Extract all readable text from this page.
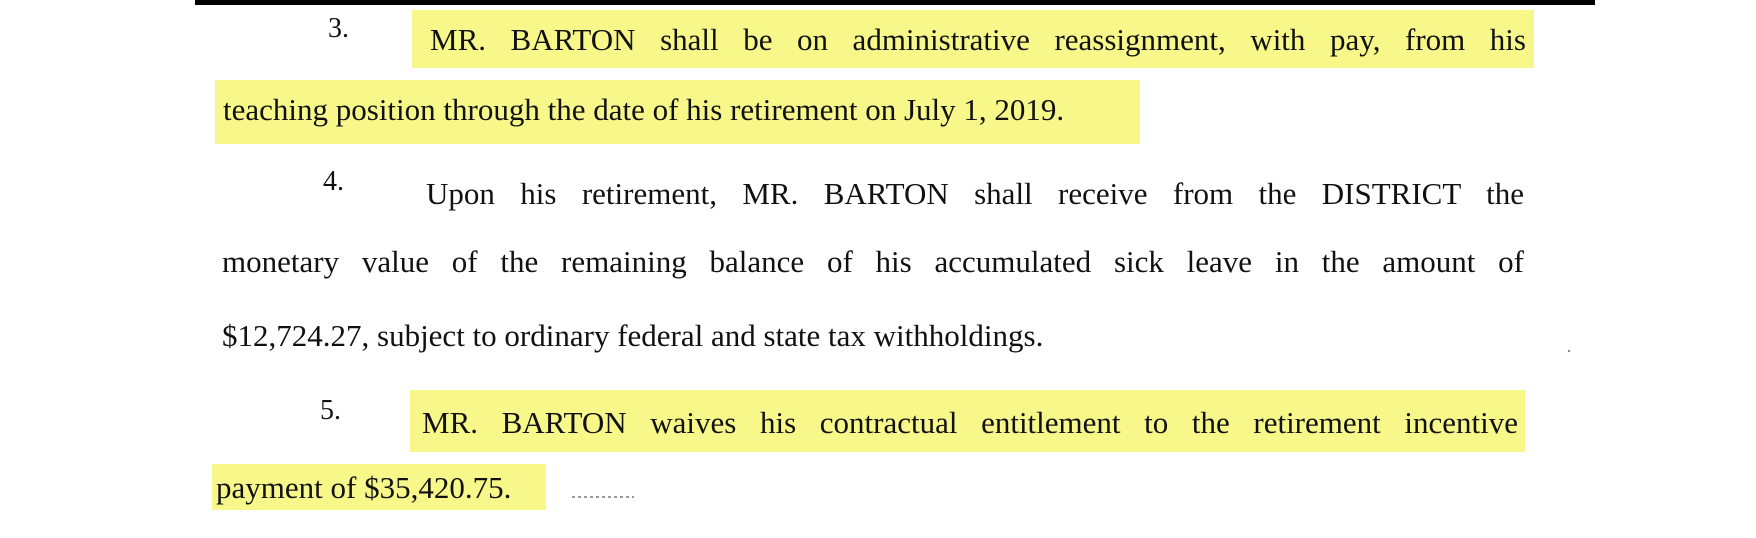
3.	MR. BARTON shall be on administrative reassignment, with pay, from his
teaching position through the date of his retirement on July 1, 2019.
4.	Upon his retirement, MR. BARTON shall receive from the DISTRICT the
monetary value of the remaining balance of his accumulated sick leave in the amount of
$12,724.27, subject to ordinary federal and state tax withholdings.
5.	MR. BARTON waives his contractual entitlement to the retirement incentive
payment of $35,420.75.
